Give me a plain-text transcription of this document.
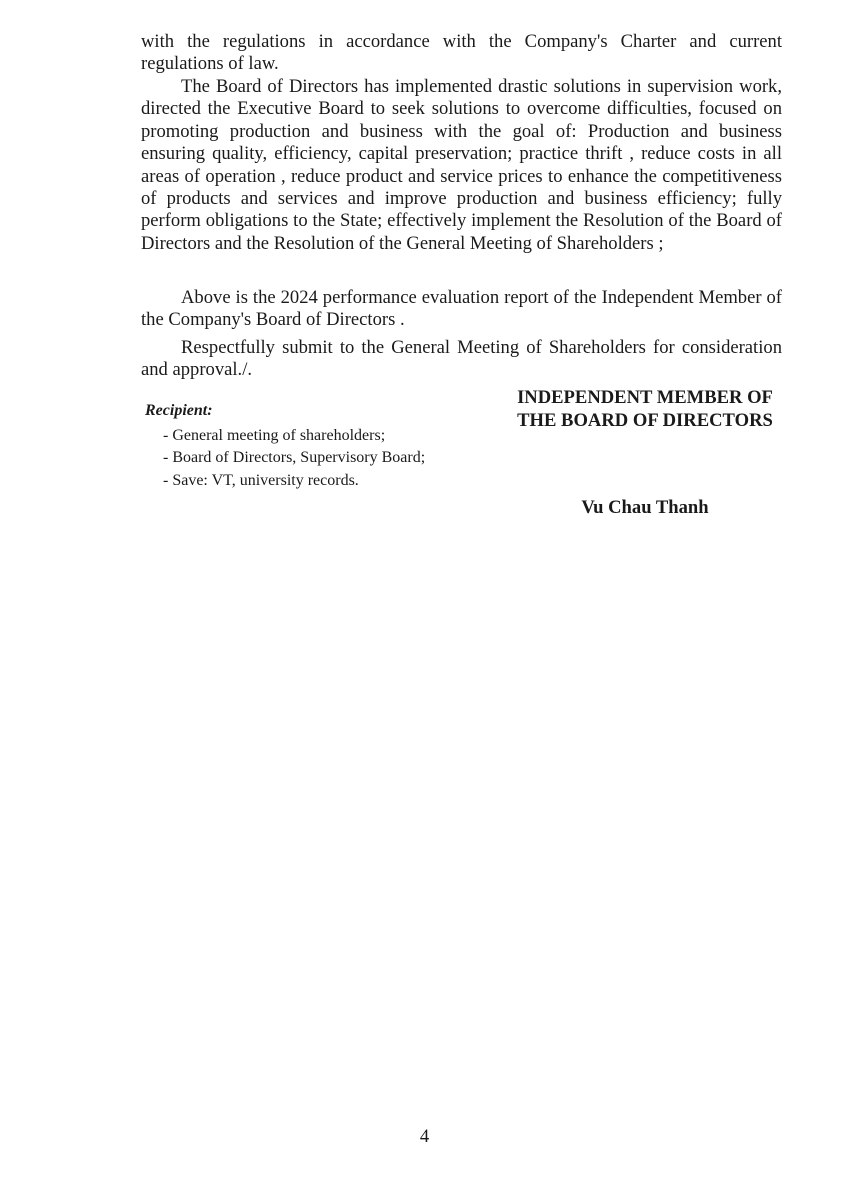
with the regulations in accordance with the Company's Charter and current regulations of law.

The Board of Directors has implemented drastic solutions in supervision work, directed the Executive Board to seek solutions to overcome difficulties, focused on promoting production and business with the goal of: Production and business ensuring quality, efficiency, capital preservation; practice thrift , reduce costs in all areas of operation , reduce product and service prices to enhance the competitiveness of products and services and improve production and business efficiency; fully perform obligations to the State; effectively implement the Resolution of the Board of Directors and the Resolution of the General Meeting of Shareholders ;

Above is the 2024 performance evaluation report of the Independent Member of the Company's Board of Directors .

Respectfully submit to the General Meeting of Shareholders for consideration and approval./.

Recipient:
- General meeting of shareholders;
- Board of Directors, Supervisory Board;
- Save: VT, university records.
INDEPENDENT MEMBER OF
THE BOARD OF DIRECTORS
Vu Chau Thanh
4
